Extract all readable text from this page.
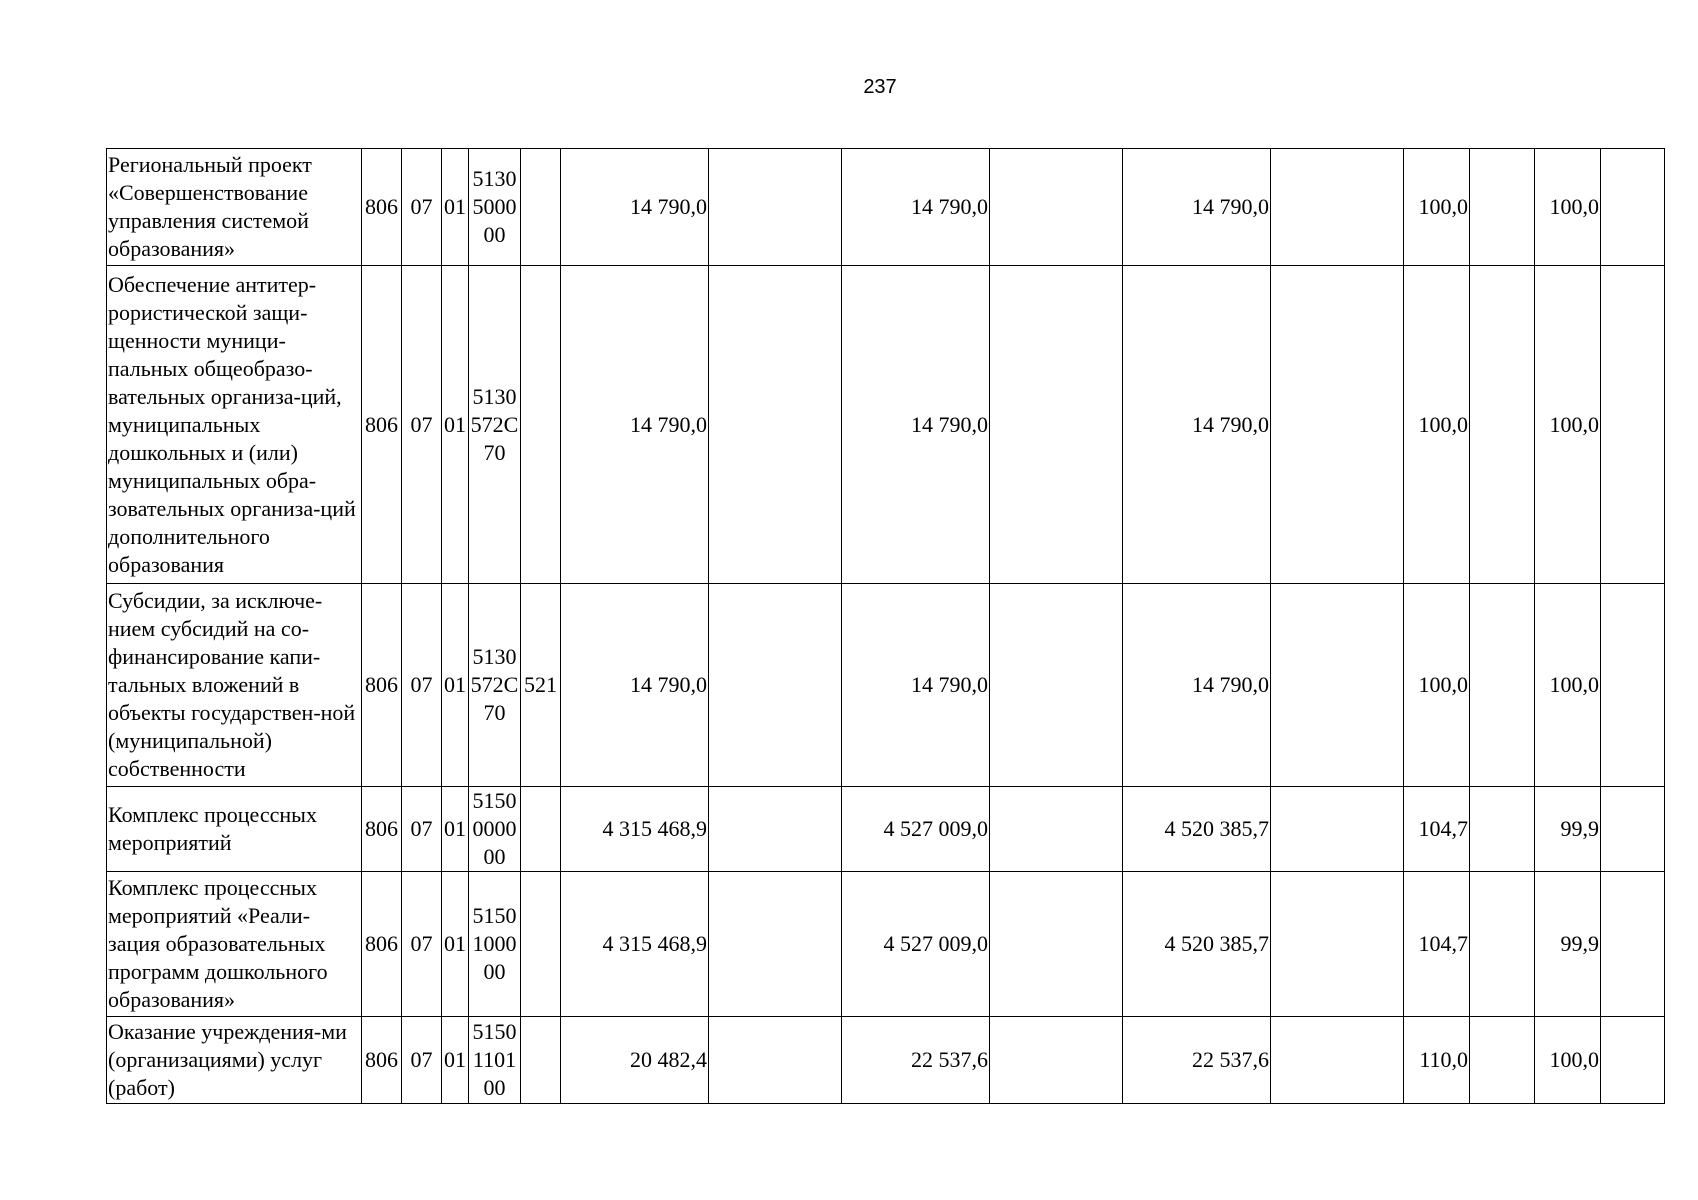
237
Региональный проект «Совершенствование управления системой образования»	806	07	01	5130 5000 00		14 790,0		14 790,0		14 790,0		100,0		100,0	
Обеспечение антитер-рористической защи-щенности муници-пальных общеобразо-вательных организа-ций, муниципальных дошкольных и (или) муниципальных обра-зовательных организа-ций дополнительного образования	806	07	01	5130 572С 70		14 790,0		14 790,0		14 790,0		100,0		100,0	
Субсидии, за исключе-нием субсидий на со-финансирование капи-тальных вложений в объекты государствен-ной (муниципальной) собственности	806	07	01	5130 572С 70	521	14 790,0		14 790,0		14 790,0		100,0		100,0	
Комплекс процессных мероприятий	806	07	01	5150 0000 00		4 315 468,9		4 527 009,0		4 520 385,7		104,7		99,9	
Комплекс процессных мероприятий «Реали-зация образовательных программ дошкольного образования»	806	07	01	5150 1000 00		4 315 468,9		4 527 009,0		4 520 385,7		104,7		99,9	
Оказание учреждения-ми (организациями) услуг (работ)	806	07	01	5150 1101 00		20 482,4		22 537,6		22 537,6		110,0		100,0	
